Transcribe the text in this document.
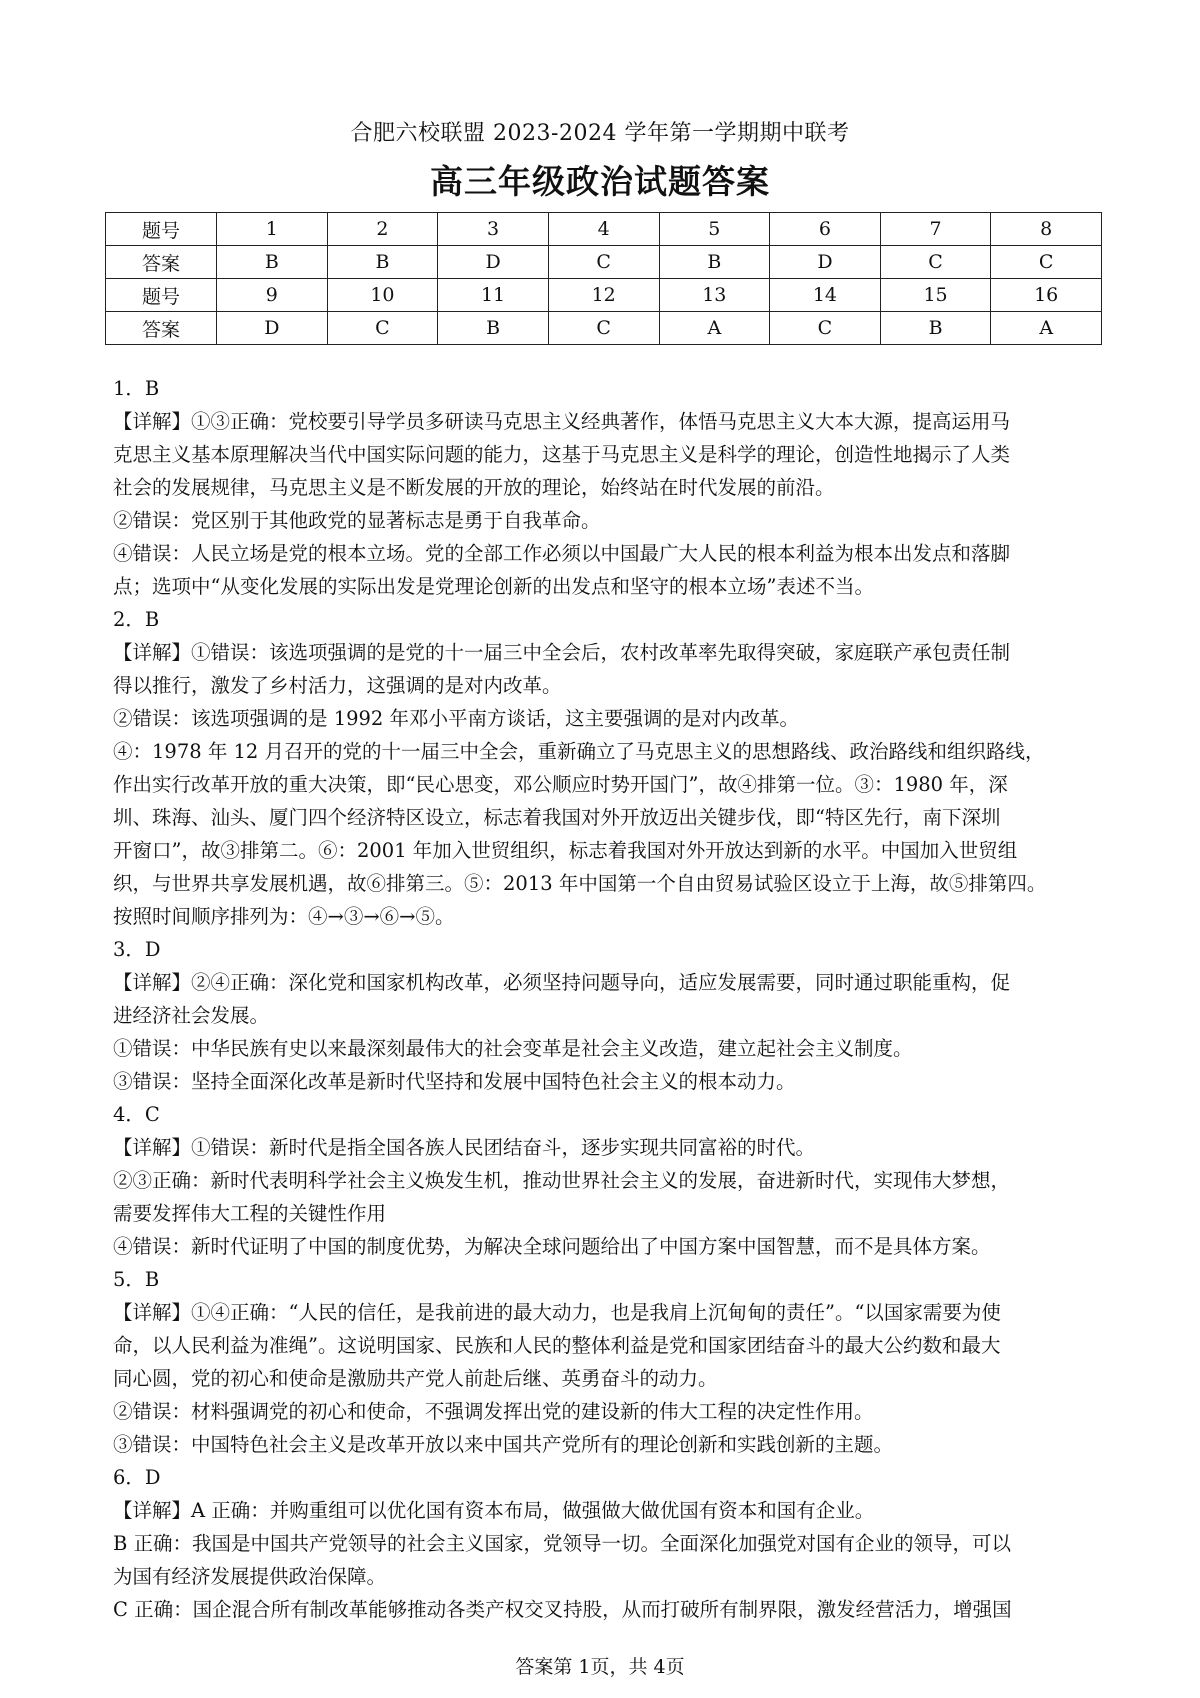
合肥六校联盟 2023-2024 学年第一学期期中联考
高三年级政治试题答案
题号	1	2	3	4	5	6	7	8
答案	B	B	D	C	B	D	C	C
题号	9	10	11	12	13	14	15	16
答案	D	C	B	C	A	C	B	A
1．B
【详解】①③正确：党校要引导学员多研读马克思主义经典著作，体悟马克思主义大本大源，提高运用马
克思主义基本原理解决当代中国实际问题的能力，这基于马克思主义是科学的理论，创造性地揭示了人类
社会的发展规律，马克思主义是不断发展的开放的理论，始终站在时代发展的前沿。
②错误：党区别于其他政党的显著标志是勇于自我革命。
④错误：人民立场是党的根本立场。党的全部工作必须以中国最广大人民的根本利益为根本出发点和落脚
点；选项中“从变化发展的实际出发是党理论创新的出发点和坚守的根本立场”表述不当。
2．B
【详解】①错误：该选项强调的是党的十一届三中全会后，农村改革率先取得突破，家庭联产承包责任制
得以推行，激发了乡村活力，这强调的是对内改革。
②错误：该选项强调的是 1992 年邓小平南方谈话，这主要强调的是对内改革。
④：1978 年 12 月召开的党的十一届三中全会，重新确立了马克思主义的思想路线、政治路线和组织路线，
作出实行改革开放的重大决策，即“民心思变，邓公顺应时势开国门”，故④排第一位。③：1980 年，深
圳、珠海、汕头、厦门四个经济特区设立，标志着我国对外开放迈出关键步伐，即“特区先行，南下深圳
开窗口”，故③排第二。⑥：2001 年加入世贸组织，标志着我国对外开放达到新的水平。中国加入世贸组
织，与世界共享发展机遇，故⑥排第三。⑤：2013 年中国第一个自由贸易试验区设立于上海，故⑤排第四。
按照时间顺序排列为：④→③→⑥→⑤。
3．D
【详解】②④正确：深化党和国家机构改革，必须坚持问题导向，适应发展需要，同时通过职能重构，促
进经济社会发展。
①错误：中华民族有史以来最深刻最伟大的社会变革是社会主义改造，建立起社会主义制度。
③错误：坚持全面深化改革是新时代坚持和发展中国特色社会主义的根本动力。
4．C
【详解】①错误：新时代是指全国各族人民团结奋斗，逐步实现共同富裕的时代。
②③正确：新时代表明科学社会主义焕发生机，推动世界社会主义的发展，奋进新时代，实现伟大梦想，
需要发挥伟大工程的关键性作用
④错误：新时代证明了中国的制度优势，为解决全球问题给出了中国方案中国智慧，而不是具体方案。
5．B
【详解】①④正确：“人民的信任，是我前进的最大动力，也是我肩上沉甸甸的责任”。“以国家需要为使
命，以人民利益为准绳”。这说明国家、民族和人民的整体利益是党和国家团结奋斗的最大公约数和最大
同心圆，党的初心和使命是激励共产党人前赴后继、英勇奋斗的动力。
②错误：材料强调党的初心和使命，不强调发挥出党的建设新的伟大工程的决定性作用。
③错误：中国特色社会主义是改革开放以来中国共产党所有的理论创新和实践创新的主题。
6．D
【详解】A 正确：并购重组可以优化国有资本布局，做强做大做优国有资本和国有企业。
B 正确：我国是中国共产党领导的社会主义国家，党领导一切。全面深化加强党对国有企业的领导，可以
为国有经济发展提供政治保障。
C 正确：国企混合所有制改革能够推动各类产权交叉持股，从而打破所有制界限，激发经营活力，增强国
答案第 1页，共 4页
